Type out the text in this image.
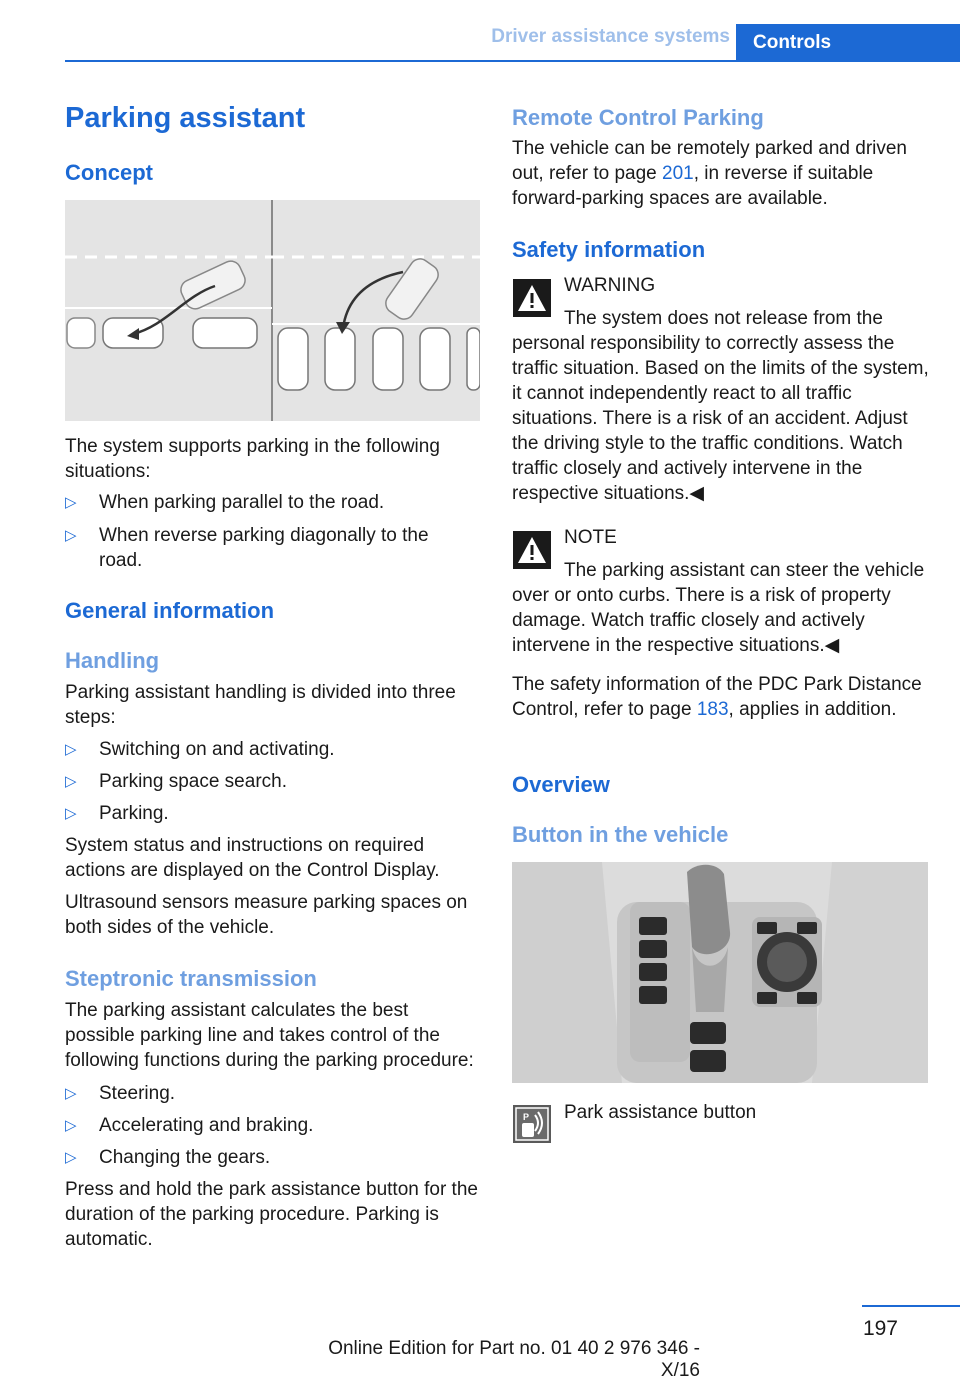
Driver assistance systems	Controls
Parking assistant
Concept
The system supports parking in the following situations:
▷ When parking parallel to the road.
▷ When reverse parking diagonally to the road.
General information
Handling
Parking assistant handling is divided into three steps:
▷ Switching on and activating.
▷ Parking space search.
▷ Parking.
System status and instructions on required actions are displayed on the Control Display.
Ultrasound sensors measure parking spaces on both sides of the vehicle.
Steptronic transmission
The parking assistant calculates the best possible parking line and takes control of the following functions during the parking procedure:
▷ Steering.
▷ Accelerating and braking.
▷ Changing the gears.
Press and hold the park assistance button for the duration of the parking procedure. Parking is automatic.
Remote Control Parking
The vehicle can be remotely parked and driven out, refer to page 201, in reverse if suitable forward-parking spaces are available.
Safety information
WARNING
The system does not release from the personal responsibility to correctly assess the traffic situation. Based on the limits of the system, it cannot independently react to all traffic situations. There is a risk of an accident. Adjust the driving style to the traffic conditions. Watch traffic closely and actively intervene in the respective situations.◀
NOTE
The parking assistant can steer the vehicle over or onto curbs. There is a risk of property damage. Watch traffic closely and actively intervene in the respective situations.◀
The safety information of the PDC Park Distance Control, refer to page 183, applies in addition.
Overview
Button in the vehicle
P Park assistance button
197
Online Edition for Part no. 01 40 2 976 346 - X/16
